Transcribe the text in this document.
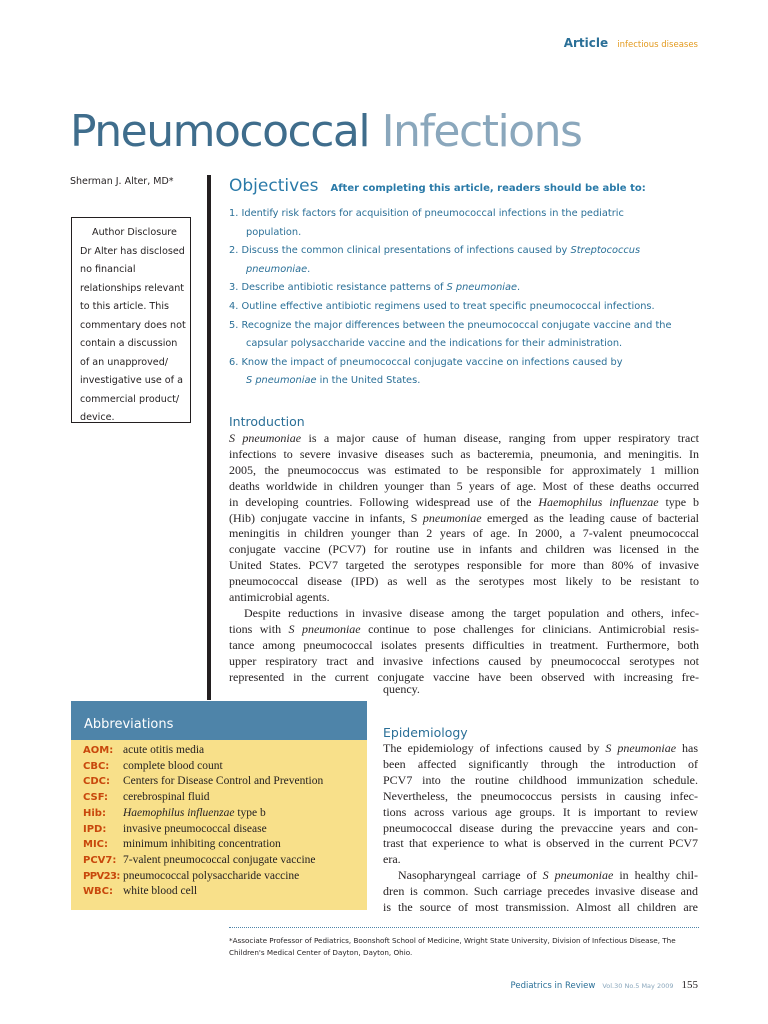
Article infectious diseases
Pneumococcal Infections
Sherman J. Alter, MD*
Author Disclosure
Dr Alter has disclosed
no financial
relationships relevant
to this article. This
commentary does not
contain a discussion
of an unapproved/
investigative use of a
commercial product/
device.
Objectives After completing this article, readers should be able to:
1. Identify risk factors for acquisition of pneumococcal infections in the pediatric
population.
2. Discuss the common clinical presentations of infections caused by Streptococcus
pneumoniae.
3. Describe antibiotic resistance patterns of S pneumoniae.
4. Outline effective antibiotic regimens used to treat specific pneumococcal infections.
5. Recognize the major differences between the pneumococcal conjugate vaccine and the
capsular polysaccharide vaccine and the indications for their administration.
6. Know the impact of pneumococcal conjugate vaccine on infections caused by
S pneumoniae in the United States.
Introduction
S pneumoniae is a major cause of human disease, ranging from upper respiratory tract
infections to severe invasive diseases such as bacteremia, pneumonia, and meningitis. In
2005, the pneumococcus was estimated to be responsible for approximately 1 million
deaths worldwide in children younger than 5 years of age. Most of these deaths occurred
in developing countries. Following widespread use of the Haemophilus influenzae type b
(Hib) conjugate vaccine in infants, S pneumoniae emerged as the leading cause of bacterial
meningitis in children younger than 2 years of age. In 2000, a 7-valent pneumococcal
conjugate vaccine (PCV7) for routine use in infants and children was licensed in the
United States. PCV7 targeted the serotypes responsible for more than 80% of invasive
pneumococcal disease (IPD) as well as the serotypes most likely to be resistant to
antimicrobial agents.
Despite reductions in invasive disease among the target population and others, infec-
tions with S pneumoniae continue to pose challenges for clinicians. Antimicrobial resis-
tance among pneumococcal isolates presents difficulties in treatment. Furthermore, both
upper respiratory tract and invasive infections caused by pneumococcal serotypes not
represented in the current conjugate vaccine have been observed with increasing fre-
quency.
Abbreviations
AOM: acute otitis media
CBC: complete blood count
CDC: Centers for Disease Control and Prevention
CSF: cerebrospinal fluid
Hib: Haemophilus influenzae type b
IPD: invasive pneumococcal disease
MIC: minimum inhibiting concentration
PCV7: 7-valent pneumococcal conjugate vaccine
PPV23: pneumococcal polysaccharide vaccine
WBC: white blood cell
Epidemiology
The epidemiology of infections caused by S pneumoniae has
been affected significantly through the introduction of
PCV7 into the routine childhood immunization schedule.
Nevertheless, the pneumococcus persists in causing infec-
tions across various age groups. It is important to review
pneumococcal disease during the prevaccine years and con-
trast that experience to what is observed in the current PCV7
era.
Nasopharyngeal carriage of S pneumoniae in healthy chil-
dren is common. Such carriage precedes invasive disease and
is the source of most transmission. Almost all children are
*Associate Professor of Pediatrics, Boonshoft School of Medicine, Wright State University, Division of Infectious Disease, The Children's Medical Center of Dayton, Dayton, Ohio.
Pediatrics in Review Vol.30 No.5 May 2009 155
